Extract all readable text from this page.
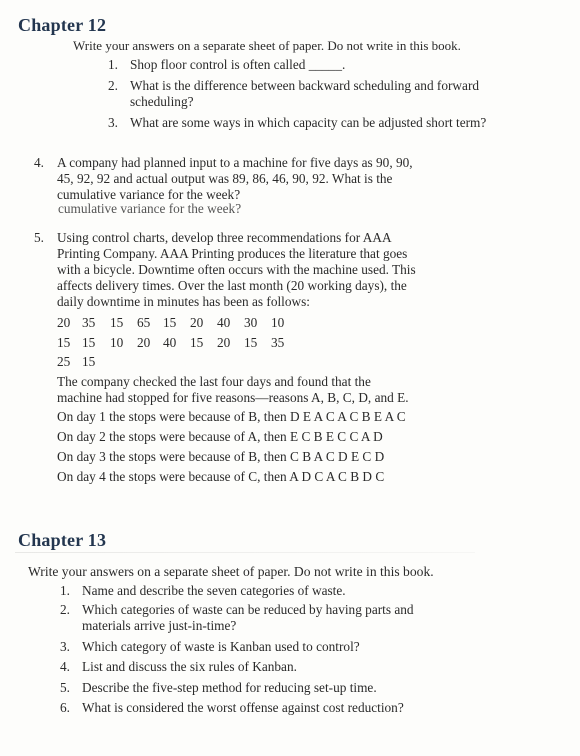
Chapter 12
Write your answers on a separate sheet of paper. Do not write in this book.
1. Shop floor control is often called _____.
2. What is the difference between backward scheduling and forward
scheduling?
3. What are some ways in which capacity can be adjusted short term?
4. A company had planned input to a machine for five days as 90, 90,
45, 92, 92 and actual output was 89, 86, 46, 90, 92. What is the
cumulative variance for the week?
cumulative variance for the week?
5. Using control charts, develop three recommendations for AAA
Printing Company. AAA Printing produces the literature that goes
with a bicycle. Downtime often occurs with the machine used. This
affects delivery times. Over the last month (20 working days), the
daily downtime in minutes has been as follows:
20 35 15 65 15 20 40 30 10
15 15 10 20 40 15 20 15 35
25 15
The company checked the last four days and found that the
machine had stopped for five reasons—reasons A, B, C, D, and E.
On day 1 the stops were because of B, then D E A C A C B E A C
On day 2 the stops were because of A, then E C B E C C A D
On day 3 the stops were because of B, then C B A C D E C D
On day 4 the stops were because of C, then A D C A C B D C
Chapter 13
Write your answers on a separate sheet of paper. Do not write in this book.
1. Name and describe the seven categories of waste.
2. Which categories of waste can be reduced by having parts and
materials arrive just-in-time?
3. Which category of waste is Kanban used to control?
4. List and discuss the six rules of Kanban.
5. Describe the five-step method for reducing set-up time.
6. What is considered the worst offense against cost reduction?
